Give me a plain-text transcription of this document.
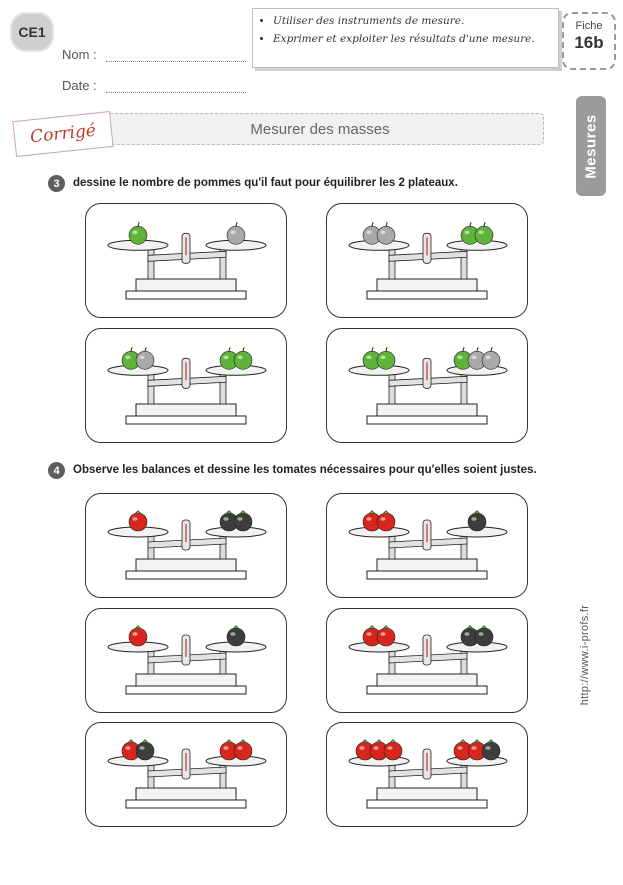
CE1
Nom :
Date :
• Utiliser des instruments de mesure.
• Exprimer et exploiter les résultats d'une mesure.
Fiche
16b
Mesures
Mesurer des masses
Corrigé
3	dessine le nombre de pommes qu'il faut pour équilibrer les 2 plateaux.
4	Observe les balances et dessine les tomates nécessaires pour qu'elles soient justes.
http://www.i-profs.fr
